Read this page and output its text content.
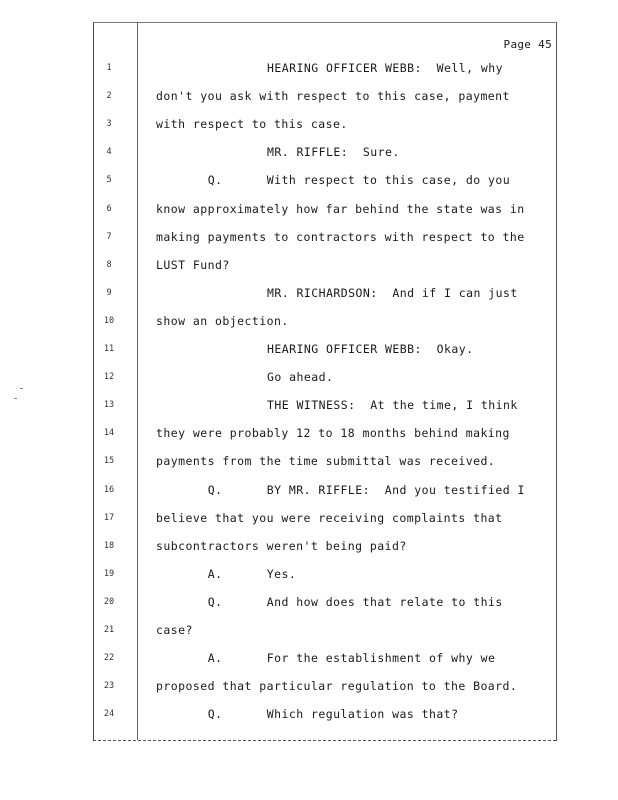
Page 45
1	HEARING OFFICER WEBB:  Well, why
2	don't you ask with respect to this case, payment
3	with respect to this case.
4	MR. RIFFLE:  Sure.
5	Q.      With respect to this case, do you
6	know approximately how far behind the state was in
7	making payments to contractors with respect to the
8	LUST Fund?
9	MR. RICHARDSON:  And if I can just
10	show an objection.
11	HEARING OFFICER WEBB:  Okay.
12	Go ahead.
13	THE WITNESS:  At the time, I think
14	they were probably 12 to 18 months behind making
15	payments from the time submittal was received.
16	Q.      BY MR. RIFFLE:  And you testified I
17	believe that you were receiving complaints that
18	subcontractors weren't being paid?
19	A.      Yes.
20	Q.      And how does that relate to this
21	case?
22	A.      For the establishment of why we
23	proposed that particular regulation to the Board.
24	Q.      Which regulation was that?
